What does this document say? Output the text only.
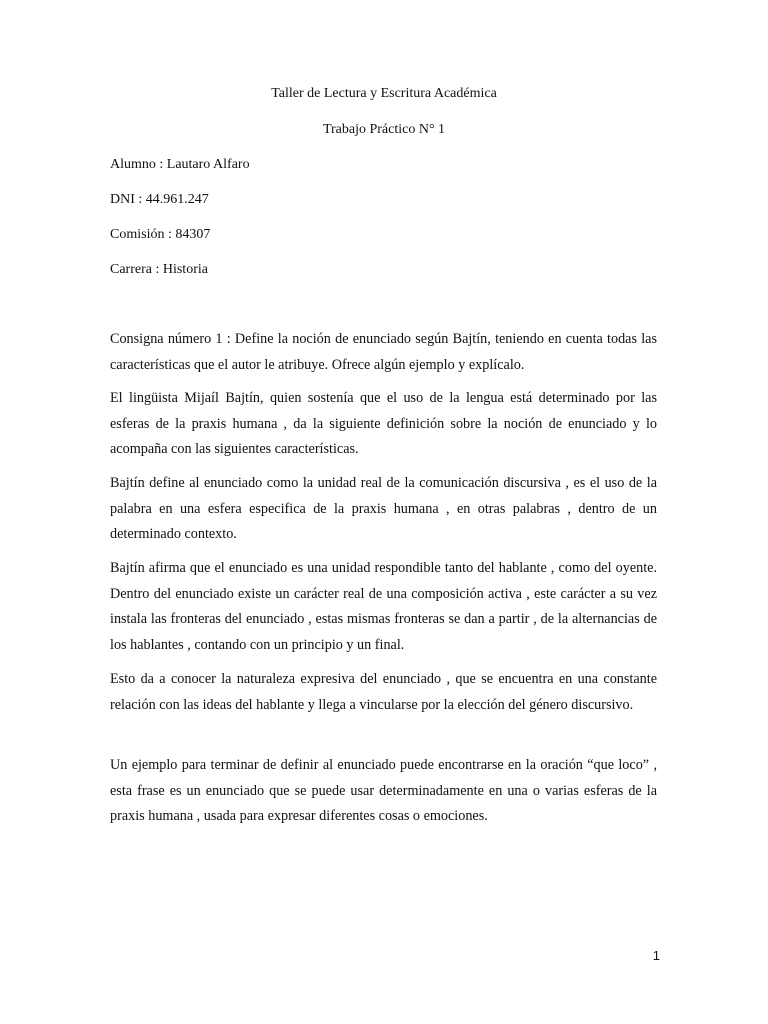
Taller de Lectura y Escritura Académica
Trabajo Práctico N° 1
Alumno : Lautaro Alfaro
DNI : 44.961.247
Comisión : 84307
Carrera : Historia
Consigna número 1 : Define la noción de enunciado según Bajtín, teniendo en cuenta todas las características que el autor le atribuye. Ofrece algún ejemplo y explícalo.
El lingüista Mijaíl Bajtín, quien sostenía que el uso de la lengua está determinado por las esferas de la praxis humana , da la siguiente definición sobre la noción de enunciado y lo acompaña con las siguientes características.
Bajtín define al enunciado como la unidad real de la comunicación discursiva , es el uso de la palabra en una esfera especifica de la praxis humana , en otras palabras , dentro de un determinado contexto.
Bajtín afirma que el enunciado es una unidad respondible tanto del hablante , como del oyente. Dentro del enunciado existe un carácter real de una composición activa , este carácter a su vez instala las fronteras del enunciado , estas mismas fronteras se dan a partir , de la alternancias de los hablantes , contando con un principio y un final.
Esto da a conocer la naturaleza expresiva del enunciado , que se encuentra en una constante relación con las ideas del hablante y llega a vincularse por la elección del género discursivo.
Un ejemplo para terminar de definir al enunciado puede encontrarse en la oración “que loco” , esta frase es un enunciado que se puede usar determinadamente en una o varias esferas de la praxis humana , usada para expresar diferentes cosas o emociones.
1
